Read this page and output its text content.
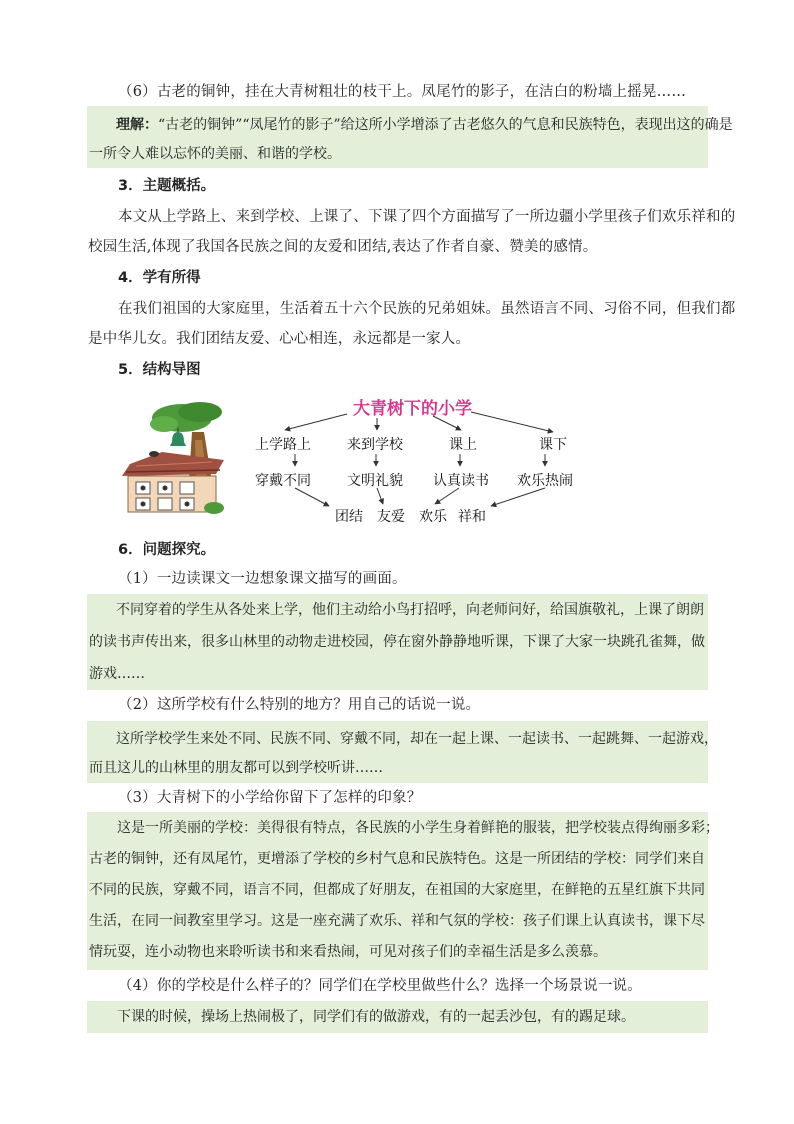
（6）古老的铜钟，挂在大青树粗壮的枝干上。凤尾竹的影子，在洁白的粉墙上摇晃……
理解：“古老的铜钟”“凤尾竹的影子”给这所小学增添了古老悠久的气息和民族特色，表现出这的确是
一所令人难以忘怀的美丽、和谐的学校。
3．主题概括。
本文从上学路上、来到学校、上课了、下课了四个方面描写了一所边疆小学里孩子们欢乐祥和的
校园生活,体现了我国各民族之间的友爱和团结,表达了作者自豪、赞美的感情。
4．学有所得
在我们祖国的大家庭里，生活着五十六个民族的兄弟姐妹。虽然语言不同、习俗不同，但我们都
是中华儿女。我们团结友爱、心心相连，永远都是一家人。
5．结构导图
大青树下的小学
上学路上	来到学校	课上	课下
穿戴不同	文明礼貌 认真读书 欢乐热闹
团结 友爱 欢乐 祥和
6．问题探究。
（1）一边读课文一边想象课文描写的画面。
不同穿着的学生从各处来上学，他们主动给小鸟打招呼，向老师问好，给国旗敬礼，上课了朗朗
的读书声传出来，很多山林里的动物走进校园，停在窗外静静地听课，下课了大家一块跳孔雀舞，做
游戏……
（2）这所学校有什么特别的地方？用自己的话说一说。
这所学校学生来处不同、民族不同、穿戴不同，却在一起上课、一起读书、一起跳舞、一起游戏，
而且这儿的山林里的朋友都可以到学校听讲……
（3）大青树下的小学给你留下了怎样的印象？
　　这是一所美丽的学校：美得很有特点，各民族的小学生身着鲜艳的服装，把学校装点得绚丽多彩；
古老的铜钟，还有凤尾竹，更增添了学校的乡村气息和民族特色。这是一所团结的学校：同学们来自
不同的民族，穿戴不同，语言不同，但都成了好朋友，在祖国的大家庭里，在鲜艳的五星红旗下共同
生活，在同一间教室里学习。这是一座充满了欢乐、祥和气氛的学校：孩子们课上认真读书，课下尽
情玩耍，连小动物也来聆听读书和来看热闹，可见对孩子们的幸福生活是多么羡慕。
（4）你的学校是什么样子的？同学们在学校里做些什么？选择一个场景说一说。
　　下课的时候，操场上热闹极了，同学们有的做游戏，有的一起丢沙包，有的踢足球。
